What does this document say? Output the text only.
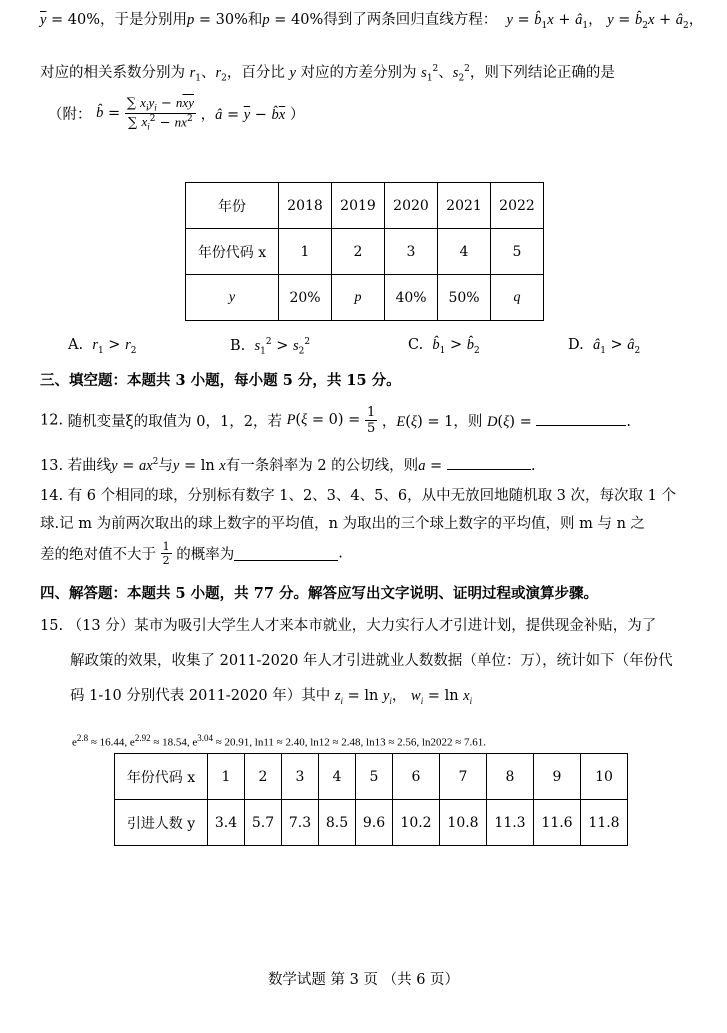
$\overline{y} = 40\%$，于是分别用p = 30%和p = 40%得到了两条回归直线方程：  $y = b̂_1x$ + $â_1$， $y = b̂_2x$ + $â_2$，
对应的相关系数分别为 $r_1$、$r_2$，百分比 y 对应的方差分别为 $s_1^2$、$s_2^2$，则下列结论正确的是
（附： b̂ = $\frac{\sum x_iy_i - n\overline{x}\overline{y}}{\sum x_i^2 - n\overline{x}^2}$ ，â = $\overline{y}$ − $b̂\overline{x}$ ）
年份	2018	2019	2020	2021	2022
年份代码 x	1	2	3	4	5
y	20%	p	40%	50%	q
A. $r_1 > r_2$	B. $s_1^2 > s_2^2$	C. $b̂_1$ > $b̂_2$	D. $â_1$ > $â_2$
三、填空题：本题共 3 小题，每小题 5 分，共 15 分。
12. 随机变量ξ的取值为 0，1，2，若 $P(\xi = 0) = \frac{1}{5}$ ，E(ξ) = 1，则 D(ξ) =	.
13. 若曲线$y = ax^2$与y = ln x有一条斜率为 2 的公切线，则a =	.
14. 有 6 个相同的球，分别标有数字 1、2、3、4、5、6，从中无放回地随机取 3 次，每次取 1 个
球.记 m 为前两次取出的球上数字的平均值，n 为取出的三个球上数字的平均值，则 m 与 n 之
差的绝对值不大于 $\frac{1}{2}$ 的概率为	.
四、解答题：本题共 5 小题，共 77 分。解答应写出文字说明、证明过程或演算步骤。
15. （13 分）某市为吸引大学生人才来本市就业，大力实行人才引进计划，提供现金补贴，为了
解政策的效果，收集了 2011-2020 年人才引进就业人数数据（单位：万），统计如下（年份代
码 1-10 分别代表 2011-2020 年）其中 $z_i = \ln y_i$， $w_i = \ln x_i$
$e^{2.8} \approx 16.44$, $e^{2.92} \approx 18.54$, $e^{3.04} \approx 20.91$, ln11 ≈ 2.40, ln12 ≈ 2.48, ln13 ≈ 2.56, ln2022 ≈ 7.61.
年份代码 x	1	2	3	4	5	6	7	8	9	10
引进人数 y	3.4	5.7	7.3	8.5	9.6	10.2	10.8	11.3	11.6	11.8
数学试题 第 3 页 （共 6 页）
